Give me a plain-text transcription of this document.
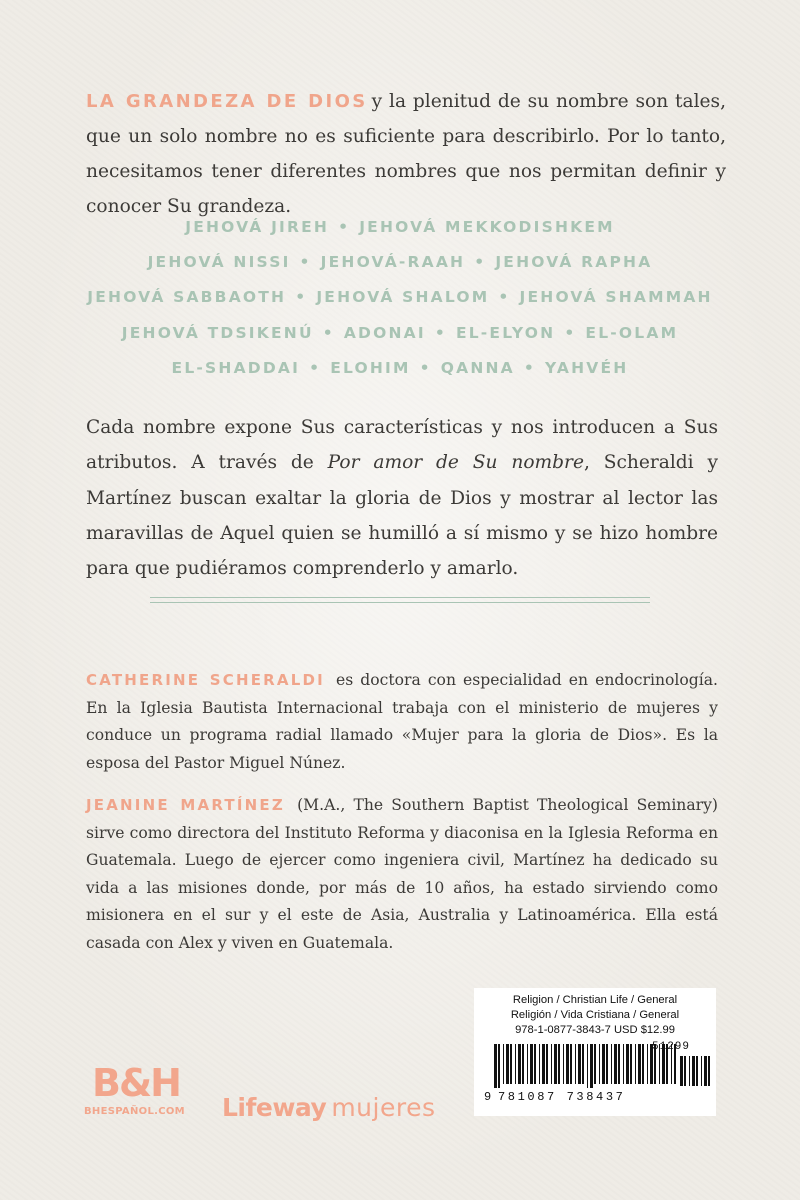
LA GRANDEZA DE DIOS y la plenitud de su nombre son tales, que un solo nombre no es suficiente para describirlo. Por lo tanto, necesitamos tener diferentes nombres que nos permitan definir y conocer Su grandeza.
JEHOVÁ JIREH • JEHOVÁ MEKKODISHKEM
JEHOVÁ NISSI • JEHOVÁ-RAAH • JEHOVÁ RAPHA
JEHOVÁ SABBAOTH • JEHOVÁ SHALOM • JEHOVÁ SHAMMAH
JEHOVÁ TDSIKENÚ • ADONAI • EL-ELYON • EL-OLAM
EL-SHADDAI • ELOHIM • QANNA • YAHVÉH
Cada nombre expone Sus características y nos introducen a Sus atributos. A través de Por amor de Su nombre, Scheraldi y Martínez buscan exaltar la gloria de Dios y mostrar al lector las maravillas de Aquel quien se humilló a sí mismo y se hizo hombre para que pudiéramos comprenderlo y amarlo.
CATHERINE SCHERALDI es doctora con especialidad en endocrinología. En la Iglesia Bautista Internacional trabaja con el ministerio de mujeres y conduce un programa radial llamado «Mujer para la gloria de Dios». Es la esposa del Pastor Miguel Núnez.
JEANINE MARTÍNEZ (M.A., The Southern Baptist Theological Seminary) sirve como directora del Instituto Reforma y diaconisa en la Iglesia Reforma en Guatemala. Luego de ejercer como ingeniera civil, Martínez ha dedicado su vida a las misiones donde, por más de 10 años, ha estado sirviendo como misionera en el sur y el este de Asia, Australia y Latinoamérica. Ella está casada con Alex y viven en Guatemala.
B&H
BHESPAÑOL.COM Lifeway mujeres
Religion / Christian Life / General
Religión / Vida Cristiana / General
978-1-0877-3843-7 USD $12.99
51299
9 781087 738437
